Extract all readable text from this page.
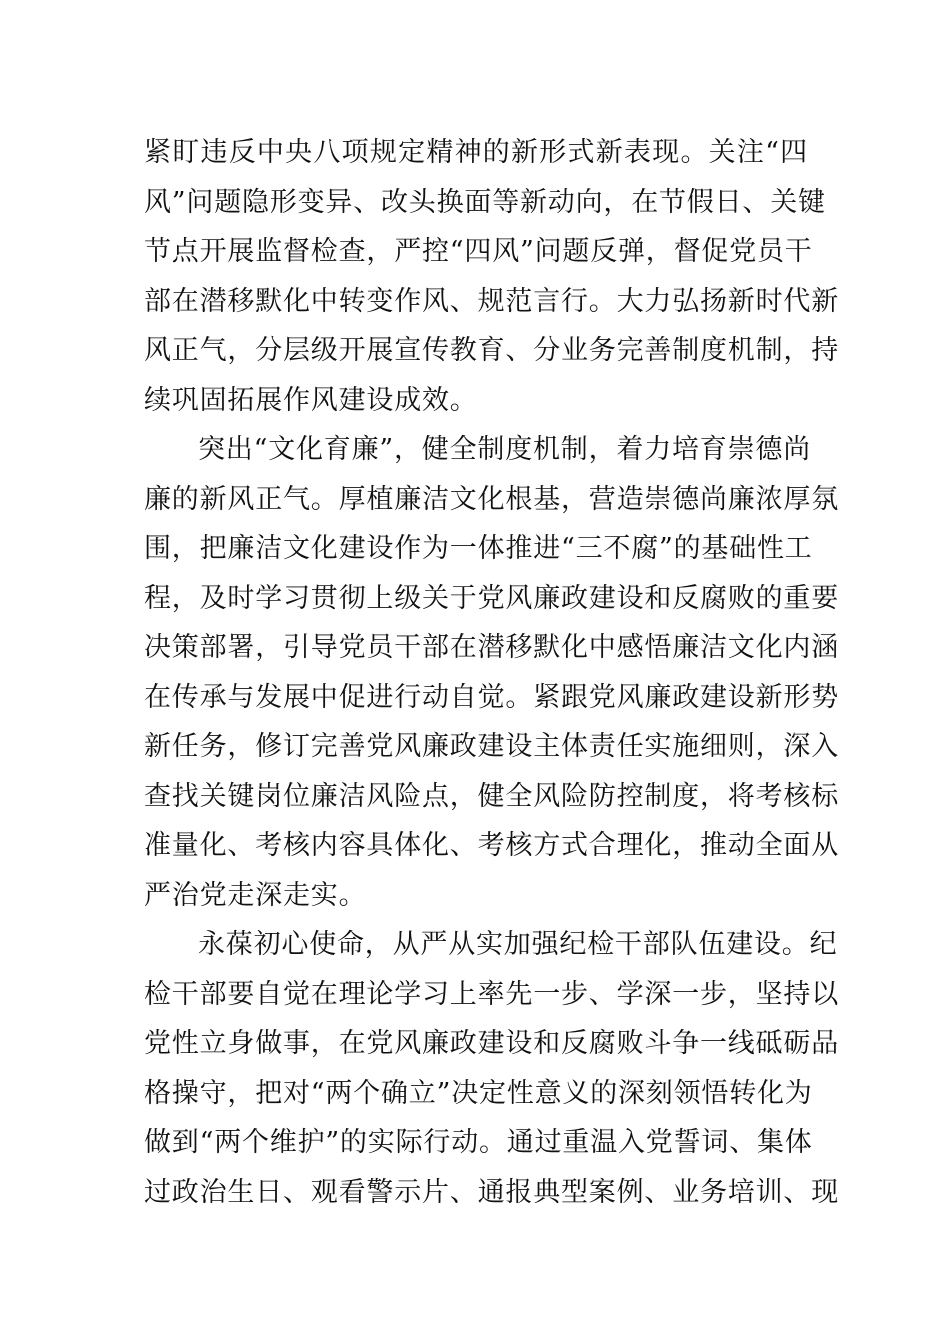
紧盯违反中央八项规定精神的新形式新表现。关注“四
风”问题隐形变异、改头换面等新动向，在节假日、关键
节点开展监督检查，严控“四风”问题反弹，督促党员干
部在潜移默化中转变作风、规范言行。大力弘扬新时代新
风正气，分层级开展宣传教育、分业务完善制度机制，持
续巩固拓展作风建设成效。
突出“文化育廉”，健全制度机制，着力培育崇德尚
廉的新风正气。厚植廉洁文化根基，营造崇德尚廉浓厚氛
围，把廉洁文化建设作为一体推进“三不腐”的基础性工
程，及时学习贯彻上级关于党风廉政建设和反腐败的重要
决策部署，引导党员干部在潜移默化中感悟廉洁文化内涵
在传承与发展中促进行动自觉。紧跟党风廉政建设新形势
新任务，修订完善党风廉政建设主体责任实施细则，深入
查找关键岗位廉洁风险点，健全风险防控制度，将考核标
准量化、考核内容具体化、考核方式合理化，推动全面从
严治党走深走实。
永葆初心使命，从严从实加强纪检干部队伍建设。纪
检干部要自觉在理论学习上率先一步、学深一步，坚持以
党性立身做事，在党风廉政建设和反腐败斗争一线砥砺品
格操守，把对“两个确立”决定性意义的深刻领悟转化为
做到“两个维护”的实际行动。通过重温入党誓词、集体
过政治生日、观看警示片、通报典型案例、业务培训、现
